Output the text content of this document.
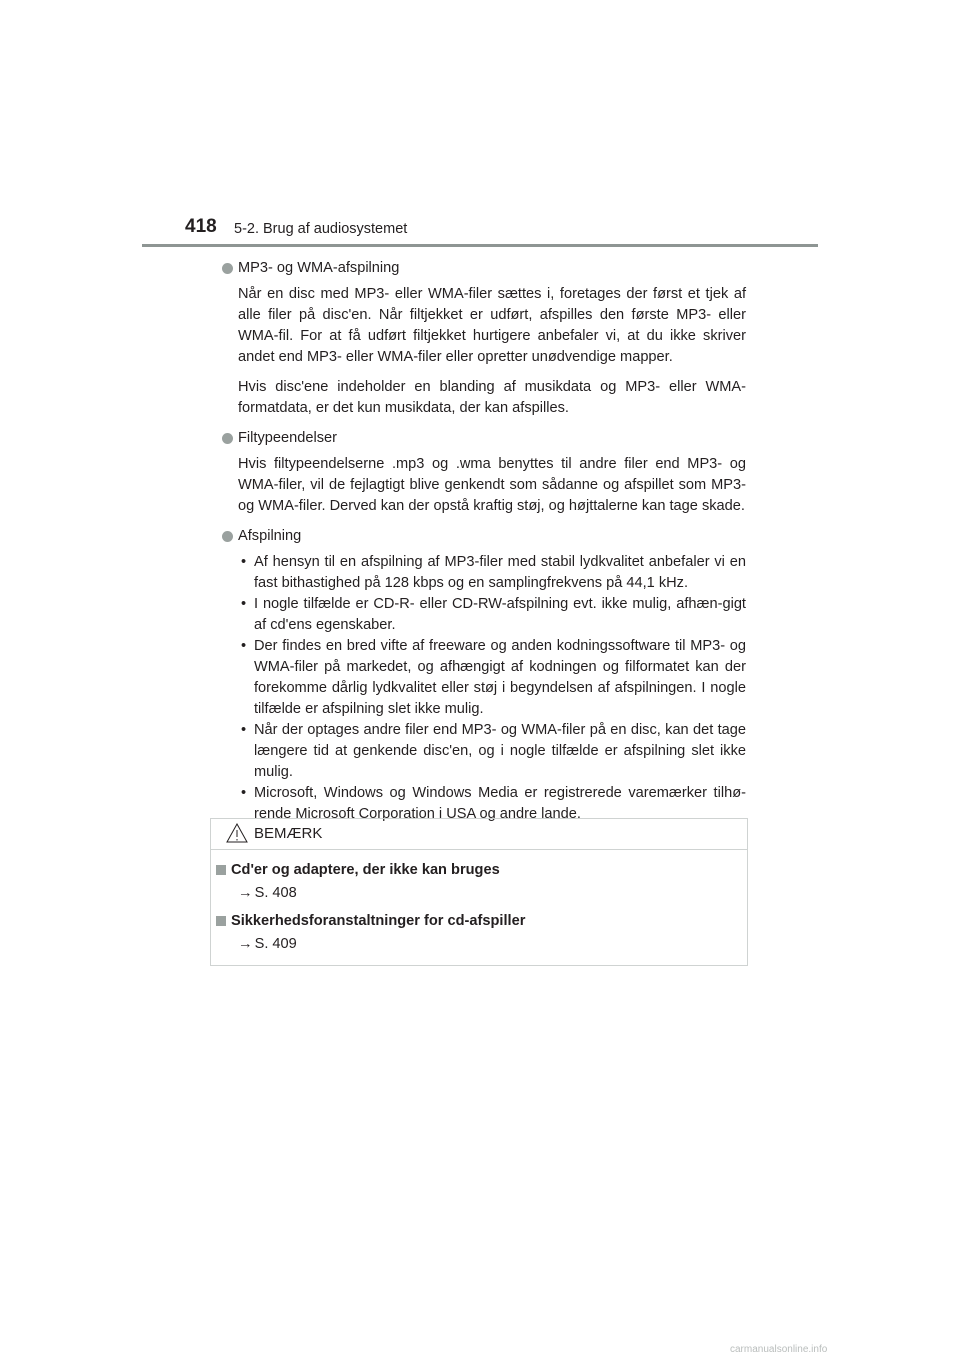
418 5-2. Brug af audiosystemet
MP3- og WMA-afspilning
Når en disc med MP3- eller WMA-filer sættes i, foretages der først et tjek af alle filer på disc'en. Når filtjekket er udført, afspilles den første MP3- eller WMA-fil. For at få udført filtjekket hurtigere anbefaler vi, at du ikke skriver andet end MP3- eller WMA-filer eller opretter unødvendige mapper.
Hvis disc'ene indeholder en blanding af musikdata og MP3- eller WMA-formatdata, er det kun musikdata, der kan afspilles.
Filtypeendelser
Hvis filtypeendelserne .mp3 og .wma benyttes til andre filer end MP3- og WMA-filer, vil de fejlagtigt blive genkendt som sådanne og afspillet som MP3- og WMA-filer. Derved kan der opstå kraftig støj, og højttalerne kan tage skade.
Afspilning
• Af hensyn til en afspilning af MP3-filer med stabil lydkvalitet anbefaler vi en fast bithastighed på 128 kbps og en samplingfrekvens på 44,1 kHz.
• I nogle tilfælde er CD-R- eller CD-RW-afspilning evt. ikke mulig, afhæn-gigt af cd'ens egenskaber.
• Der findes en bred vifte af freeware og anden kodningssoftware til MP3- og WMA-filer på markedet, og afhængigt af kodningen og filformatet kan der forekomme dårlig lydkvalitet eller støj i begyndelsen af afspilningen. I nogle tilfælde er afspilning slet ikke mulig.
• Når der optages andre filer end MP3- og WMA-filer på en disc, kan det tage længere tid at genkende disc'en, og i nogle tilfælde er afspilning slet ikke mulig.
• Microsoft, Windows og Windows Media er registrerede varemærker tilhø-rende Microsoft Corporation i USA og andre lande.
BEMÆRK
Cd'er og adaptere, der ikke kan bruges
→ S. 408
Sikkerhedsforanstaltninger for cd-afspiller
→ S. 409
carmanualsonline.info
